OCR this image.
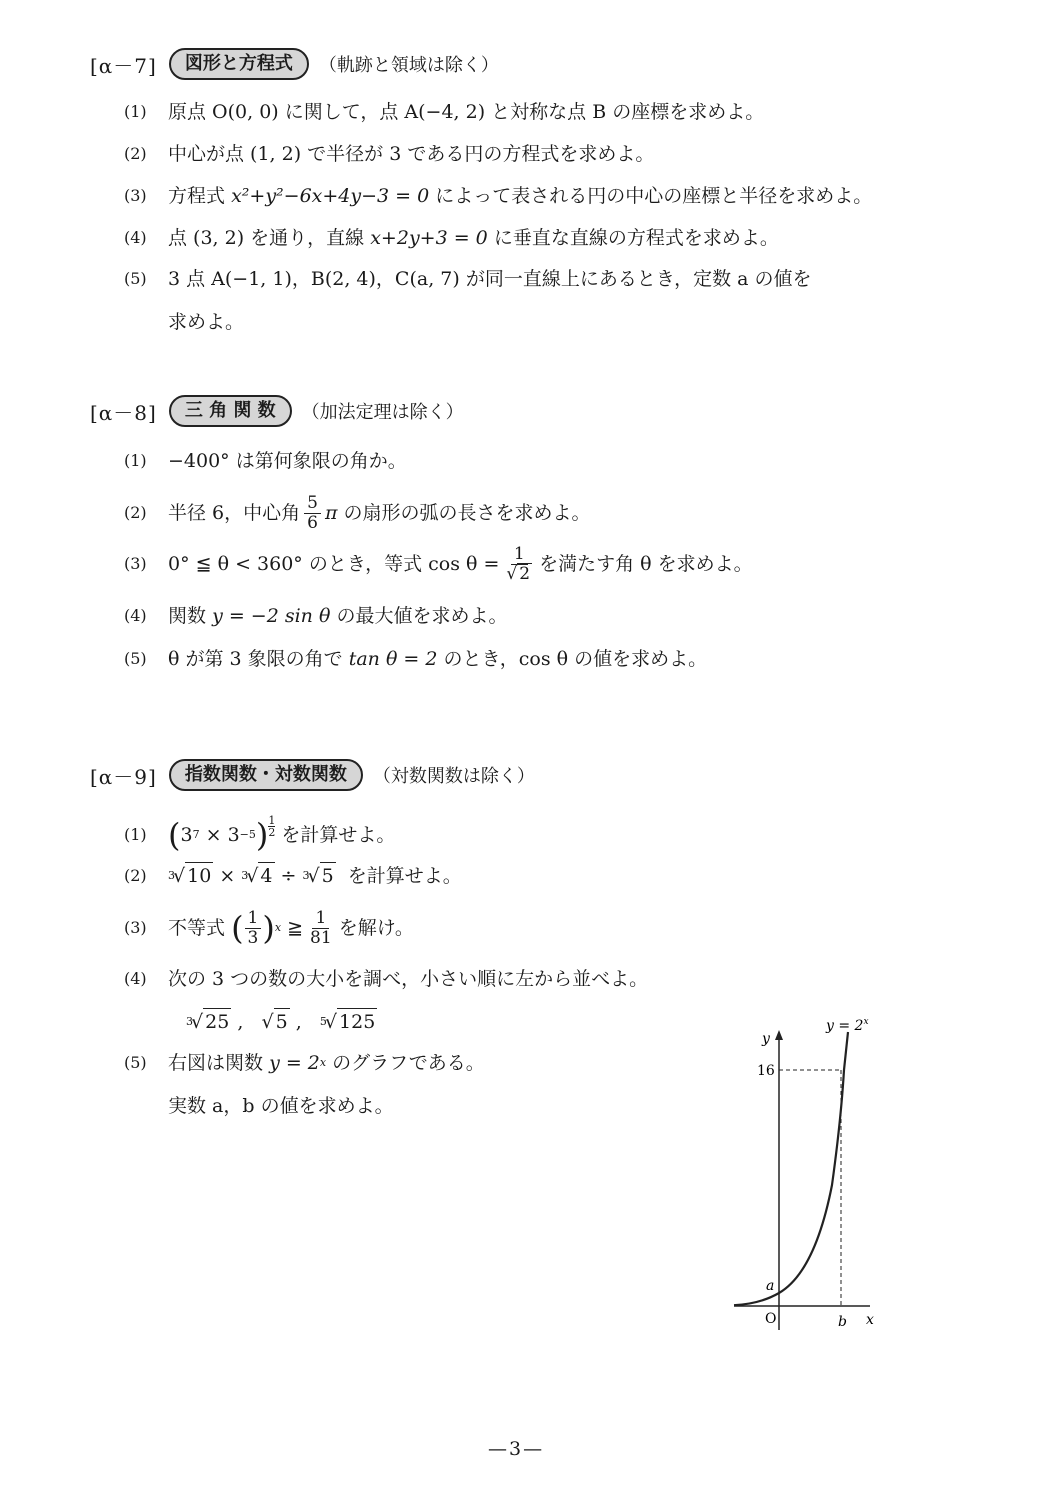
[α－7]	図形と方程式	（軌跡と領域は除く）
(1)	原点 O(0, 0) に関して，点 A(−4, 2) と対称な点 B の座標を求めよ。
(2)	中心が点 (1, 2) で半径が 3 である円の方程式を求めよ。
(3)	方程式
x²+y²−6x+4y−3 = 0
によって表される円の中心の座標と半径を求めよ。
(4)	点 (3, 2) を通り，直線
x+2y+3 = 0
に垂直な直線の方程式を求めよ。
(5)	3 点 A(−1, 1)，B(2, 4)，C(a, 7) が同一直線上にあるとき，定数 a の値を
求めよ。
[α－8]	三 角 関 数	（加法定理は除く）
(1)	−400° は第何象限の角か。
(2)	半径 6，中心角 $\frac{5}{6}$ π
の扇形の弧の長さを求めよ。
(3)	0° ≦ θ < 360° のとき，等式 $\cos \theta = \frac{1}{√ 2}$ を満たす角 θ を求めよ。
(4)	関数
y = −2 sin θ
の最大値を求めよ。
(5)	θ が第 3 象限の角で
tan θ = 2
のとき，cos θ の値を求めよ。
[α－9]	指数関数・対数関数	（対数関数は除く）
(1) ( 3 7 × 3 −5 ) 1
2
を計算せよ。
(2)	3
√ 10 × 3
√ 4 ÷ 3
√ 5
を計算せよ。
(3)	不等式
( $\frac{1}{3}$ ) x ≧ $\frac{1}{81}$ を解け。
(4)	次の 3 つの数の大小を調べ，小さい順に左から並べよ。
3
√ 25 , √ 5 , 5
√ 125
(5)	右図は関数
y = 2 x
のグラフである。
実数 a，b の値を求めよ。
y
$y = 2^x$
16
a
O	b x
—3—
